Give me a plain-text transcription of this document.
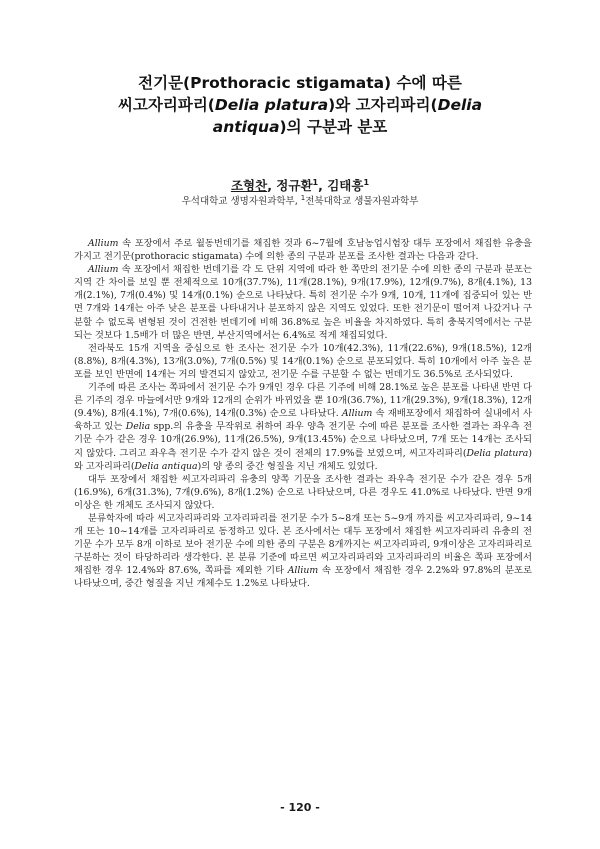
전기문(Prothoracic stigamata) 수에 따른
씨고자리파리(Delia platura)와 고자리파리(Delia
antiqua)의 구분과 분포
조형찬, 정규환$^1$, 김태흥$^1$
우석대학교 생명자원과학부, $^1$전북대학교 생물자원과학부

Allium 속 포장에서 주로 월동번데기를 채집한 것과 6~7월에 호남농업시험장 대두 포장에서 채집한 유충을 가지고 전기문(prothoracic stigamata) 수에 의한 종의 구분과 분포를 조사한 결과는 다음과 같다.

Allium 속 포장에서 채집한 번데기를 각 도 단위 지역에 따라 한 쪽만의 전기문 수에 의한 종의 구분과 분포는 지역 간 차이를 보일 뿐 전체적으로 10개(37.7%), 11개(28.1%), 9개(17.9%), 12개(9.7%), 8개(4.1%), 13개(2.1%), 7개(0.4%) 및 14개(0.1%) 순으로 나타났다. 특히 전기문 수가 9개, 10개, 11개에 집중되어 있는 반면 7개와 14개는 아주 낮은 분포를 나타내거나 분포하지 않은 지역도 있었다. 또한 전기문이 떨어져 나갔거나 구분할 수 없도록 변형된 것이 건전한 번데기에 비해 36.8%로 높은 비율을 차지하였다. 특히 충북지역에서는 구분되는 것보다 1.5배가 더 많은 반면, 부산지역에서는 6.4%로 적게 채집되었다.

전라북도 15개 지역을 중심으로 한 조사는 전기문 수가 10개(42.3%), 11개(22.6%), 9개(18.5%), 12개(8.8%), 8개(4.3%), 13개(3.0%), 7개(0.5%) 및 14개(0.1%) 순으로 분포되었다. 특히 10개에서 아주 높은 분포를 보인 반면에 14개는 거의 발견되지 않았고, 전기문 수를 구분할 수 없는 번데기도 36.5%로 조사되었다.

기주에 따른 조사는 쪽파에서 전기문 수가 9개인 경우 다른 기주에 비해 28.1%로 높은 분포를 나타낸 반면 다른 기주의 경우 마늘에서만 9개와 12개의 순위가 바뀌었을 뿐 10개(36.7%), 11개(29.3%), 9개(18.3%), 12개(9.4%), 8개(4.1%), 7개(0.6%), 14개(0.3%) 순으로 나타났다. Allium 속 재배포장에서 채집하여 실내에서 사육하고 있는 Delia spp.의 유충을 무작위로 취하여 좌우 양측 전기문 수에 따른 분포를 조사한 결과는 좌우측 전기문 수가 같은 경우 10개(26.9%), 11개(26.5%), 9개(13.45%) 순으로 나타났으며, 7개 또는 14개는 조사되지 않았다. 그리고 좌우측 전기문 수가 같지 않은 것이 전체의 17.9%를 보였으며, 씨고자리파리(Delia platura)와 고자리파리(Delia antiqua)의 양 종의 중간 형질을 지닌 개체도 있었다.

대두 포장에서 채집한 씨고자리파리 유충의 양쪽 기문을 조사한 결과는 좌우측 전기문 수가 같은 경우 5개(16.9%), 6개(31.3%), 7개(9.6%), 8개(1.2%) 순으로 나타났으며, 다른 경우도 41.0%로 나타났다. 반면 9개 이상은 한 개체도 조사되지 않았다.

분류학자에 따라 씨고자리파리와 고자리파리를 전기문 수가 5~8개 또는 5~9개 까지를 씨고자리파리, 9~14개 또는 10~14개를 고자리파리로 동정하고 있다. 본 조사에서는 대두 포장에서 채집한 씨고자리파리 유충의 전기문 수가 모두 8개 이하로 보아 전기문 수에 의한 종의 구분은 8개까지는 씨고자리파리, 9개이상은 고자리파리로 구분하는 것이 타당하리라 생각한다. 본 분류 기준에 따르면 씨고자리파리와 고자리파리의 비율은 쪽파 포장에서 채집한 경우 12.4%와 87.6%, 쪽파를 제외한 기타 Allium 속 포장에서 채집한 경우 2.2%와 97.8%의 분포로 나타났으며, 중간 형질을 지닌 개체수도 1.2%로 나타났다.

- 120 -
